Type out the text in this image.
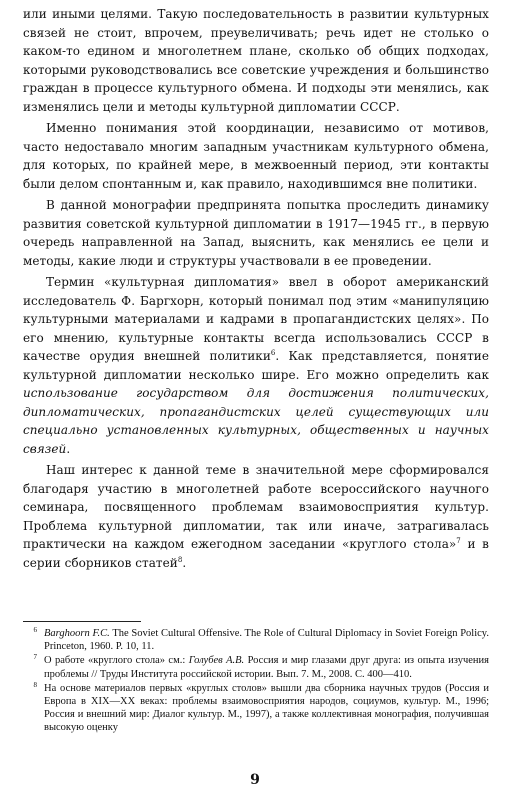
или иными целями. Такую последовательность в развитии культурных связей не стоит, впрочем, преувеличивать; речь идет не столько о каком-то едином и многолетнем плане, сколько об общих подходах, которыми руководствовались все советские учреждения и большинство граждан в процессе культурного обмена. И подходы эти менялись, как изменялись цели и методы культурной дипломатии СССР.

Именно понимания этой координации, независимо от мотивов, часто недоставало многим западным участникам культурного обмена, для которых, по крайней мере, в межвоенный период, эти контакты были делом спонтанным и, как правило, находившимся вне политики.

В данной монографии предпринята попытка проследить динамику развития советской культурной дипломатии в 1917—1945 гг., в первую очередь направленной на Запад, выяснить, как менялись ее цели и методы, какие люди и структуры участвовали в ее проведении.

Термин «культурная дипломатия» ввел в оборот американский исследователь Ф. Баргхорн, который понимал под этим «манипуляцию культурными материалами и кадрами в пропагандистских целях». По его мнению, культурные контакты всегда использовались СССР в качестве орудия внешней политики$^6$. Как представляется, понятие культурной дипломатии несколько шире. Его можно определить как использование государством для достижения политических, дипломатических, пропагандистских целей существующих или специально установленных культурных, общественных и научных связей.

Наш интерес к данной теме в значительной мере сформировался благодаря участию в многолетней работе всероссийского научного семинара, посвященного проблемам взаимовосприятия культур. Проблема культурной дипломатии, так или иначе, затрагивалась практически на каждом ежегодном заседании «круглого стола»$^7$ и в серии сборников статей$^8$.

$^6$ Barghoorn F.C. The Soviet Cultural Offensive. The Role of Cultural Diplomacy in Soviet Foreign Policy. Princeton, 1960. P. 10, 11.
$^7$ О работе «круглого стола» см.: Голубев А.В. Россия и мир глазами друг друга: из опыта изучения проблемы // Труды Института российской истории. Вып. 7. М., 2008. С. 400—410.
$^8$ На основе материалов первых «круглых столов» вышли два сборника научных трудов (Россия и Европа в XIX—XX веках: проблемы взаимовосприятия народов, социумов, культур. М., 1996; Россия и внешний мир: Диалог культур. М., 1997), а также коллективная монография, получившая высокую оценку
9
